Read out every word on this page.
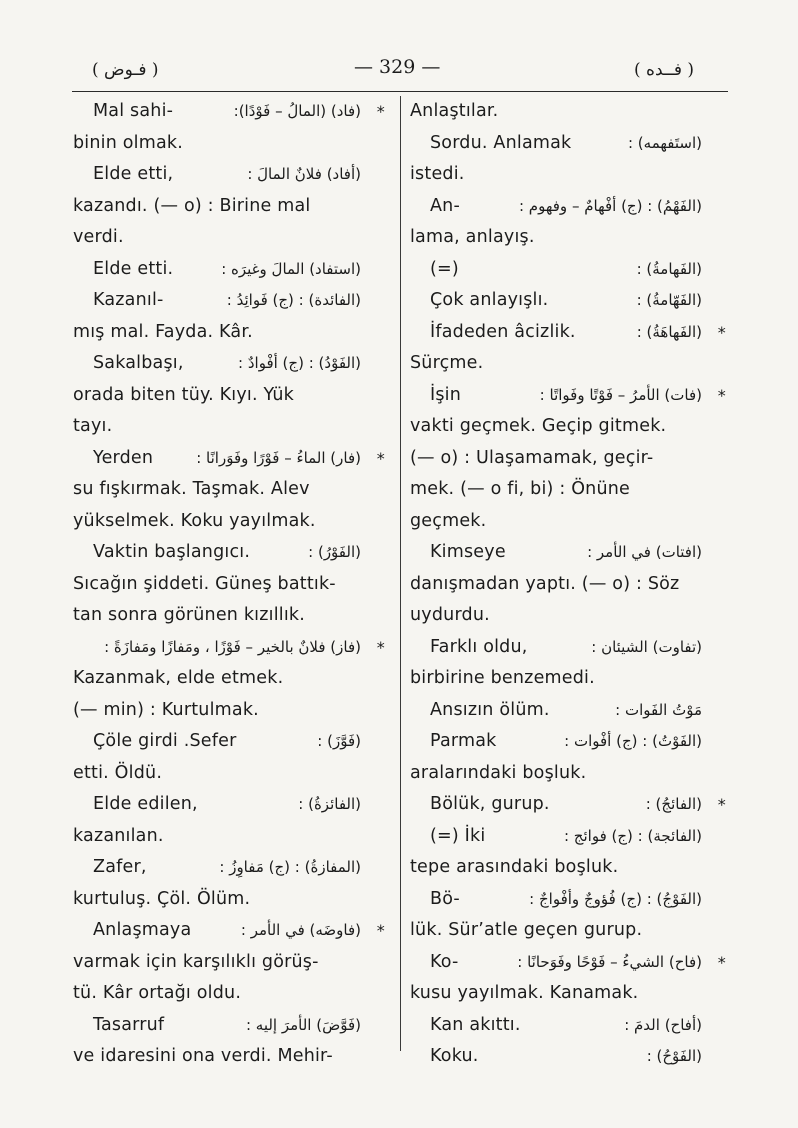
( فـوض )	— 329 —	( فــده )
Mal sahi-	(فاد) (المالُ – فَوْدًا): *
binin olmak.
Elde etti,	(أفاد) فلانٌ المالَ :
kazandı. (— o) : Birine mal
verdi.
Elde etti.	(استفاد) المالَ وغيرَه :
Kazanıl-	(الفائدة) : (ج) فَوائِدُ :
mış mal. Fayda. Kâr.
Sakalbaşı,	(الفَوْدُ) : (ج) أفْوادٌ :
orada biten tüy. Kıyı. Yük
tayı.
Yerden	(فار) الماءُ – فَوْرًا وفَوَرانًا : *
su fışkırmak. Taşmak. Alev
yükselmek. Koku yayılmak.
Vaktin başlangıcı.	(الفَوْرُ) :
Sıcağın şiddeti. Güneş battık-
tan sonra görünen kızıllık.
(فاز) فلانٌ بالخير – فَوْزًا ، ومَفازًا ومَفازَةً : *
Kazanmak, elde etmek.
(— min) : Kurtulmak.
Çöle girdi .Sefer	(فَوَّزَ) :
etti. Öldü.
Elde edilen,	(الفائزةُ) :
kazanılan.
Zafer,	(المفازةُ) : (ج) مَفاوِزُ :
kurtuluş. Çöl. Ölüm.
Anlaşmaya	(فاوضَه) في الأمر : *
varmak için karşılıklı görüş-
tü. Kâr ortağı oldu.
Tasarruf	(فَوَّضَ) الأمرَ إليه :
ve idaresini ona verdi. Mehir-
Anlaştılar.
Sordu. Anlamak	(استَفهمه) :
istedi.
An-	(الفَهْمُ) : (ج) أفْهامٌ – وفهوم :
lama, anlayış.
(=)	(الفَهامةُ) :
Çok anlayışlı.	(الفَهّامةُ) :
İfadeden âcizlik.	(الفَهاهَةُ) : *
Sürçme.
İşin	(فات) الأمرُ – فَوْتًا وفَواتًا : *
vakti geçmek. Geçip gitmek.
(— o) : Ulaşamamak, geçir-
mek. (— o fi, bi) : Önüne
geçmek.
Kimseye	(افتات) في الأمر :
danışmadan yaptı. (— o) : Söz
uydurdu.
Farklı oldu,	(تفاوت) الشيئان :
birbirine benzemedi.
Ansızın ölüm.	مَوْتُ الفَوات :
Parmak	(الفَوْتُ) : (ج) أفْوات :
aralarındaki boşluk.
Bölük, gurup.	(الفائجُ) : *
(=) İki	(الفائجة) : (ج) فوائج :
tepe arasındaki boşluk.
Bö-	(الفَوْجُ) : (ج) فُؤوجٌ وأفْواجٌ :
lük. Sür’atle geçen gurup.
Ko-	(فاح) الشيءُ – فَوْحًا وفَوَحانًا : *
kusu yayılmak. Kanamak.
Kan akıttı.	(أفاح) الدمَ :
Koku.	(الفَوْحُ) :
